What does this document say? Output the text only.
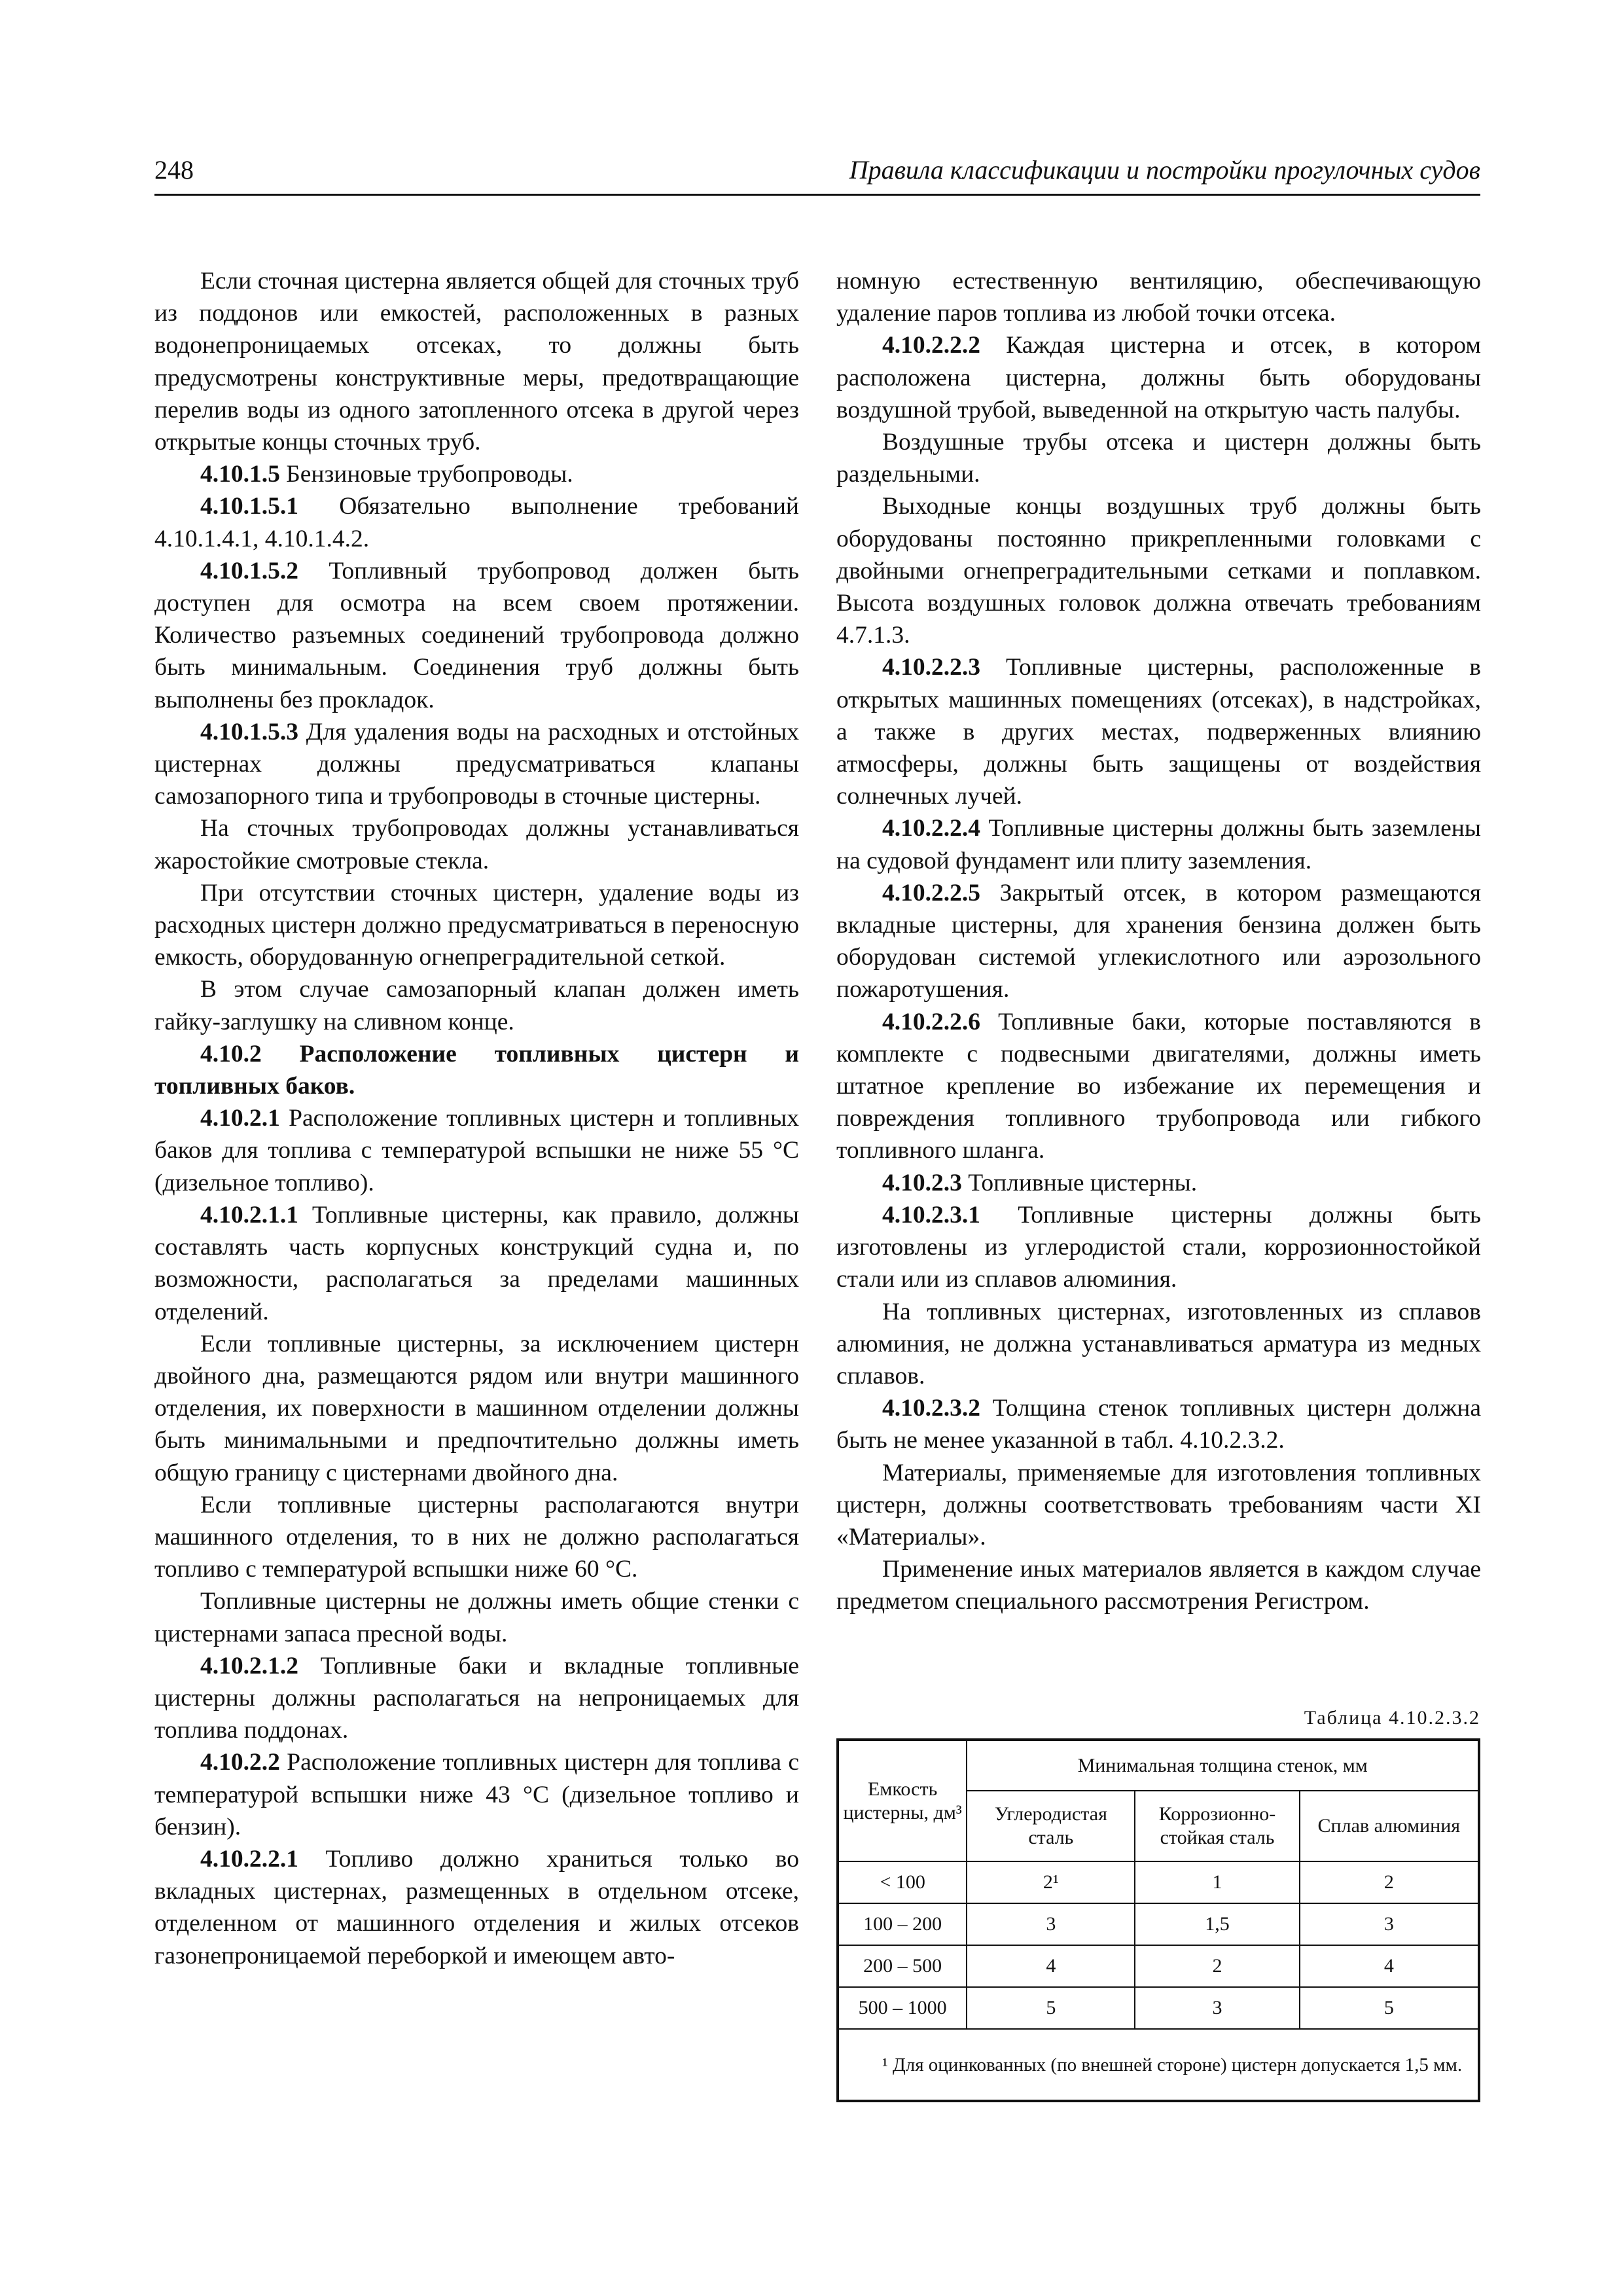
248	Правила классификации и постройки прогулочных судов

Если сточная цистерна является общей для сточных труб из поддонов или емкостей, расположенных в разных водонепроницаемых отсеках, то должны быть предусмотрены конструктивные меры, предотвращающие перелив воды из одного затопленного отсека в другой через открытые концы сточных труб.

4.10.1.5 Бензиновые трубопроводы.

4.10.1.5.1 Обязательно выполнение требований 4.10.1.4.1, 4.10.1.4.2.

4.10.1.5.2 Топливный трубопровод должен быть доступен для осмотра на всем своем протяжении. Количество разъемных соединений трубопровода должно быть минимальным. Соединения труб должны быть выполнены без прокладок.

4.10.1.5.3 Для удаления воды на расходных и отстойных цистернах должны предусматриваться клапаны самозапорного типа и трубопроводы в сточные цистерны.

На сточных трубопроводах должны устанавливаться жаростойкие смотровые стекла.

При отсутствии сточных цистерн, удаление воды из расходных цистерн должно предусматриваться в переносную емкость, оборудованную огнепреградительной сеткой.

В этом случае самозапорный клапан должен иметь гайку-заглушку на сливном конце.

4.10.2 Расположение топливных цистерн и топливных баков.

4.10.2.1 Расположение топливных цистерн и топливных баков для топлива с температурой вспышки не ниже 55 °С (дизельное топливо).

4.10.2.1.1 Топливные цистерны, как правило, должны составлять часть корпусных конструкций судна и, по возможности, располагаться за пределами машинных отделений.

Если топливные цистерны, за исключением цистерн двойного дна, размещаются рядом или внутри машинного отделения, их поверхности в машинном отделении должны быть минимальными и предпочтительно должны иметь общую границу с цистернами двойного дна.

Если топливные цистерны располагаются внутри машинного отделения, то в них не должно располагаться топливо с температурой вспышки ниже 60 °С.

Топливные цистерны не должны иметь общие стенки с цистернами запаса пресной воды.

4.10.2.1.2 Топливные баки и вкладные топливные цистерны должны располагаться на непроницаемых для топлива поддонах.

4.10.2.2 Расположение топливных цистерн для топлива с температурой вспышки ниже 43 °С (дизельное топливо и бензин).

4.10.2.2.1 Топливо должно храниться только во вкладных цистернах, размещенных в отдельном отсеке, отделенном от машинного отделения и жилых отсеков газонепроницаемой переборкой и имеющем авто-

номную естественную вентиляцию, обеспечивающую удаление паров топлива из любой точки отсека.

4.10.2.2.2 Каждая цистерна и отсек, в котором расположена цистерна, должны быть оборудованы воздушной трубой, выведенной на открытую часть палубы.

Воздушные трубы отсека и цистерн должны быть раздельными.

Выходные концы воздушных труб должны быть оборудованы постоянно прикрепленными головками с двойными огнепреградительными сетками и поплавком. Высота воздушных головок должна отвечать требованиям 4.7.1.3.

4.10.2.2.3 Топливные цистерны, расположенные в открытых машинных помещениях (отсеках), в надстройках, а также в других местах, подверженных влиянию атмосферы, должны быть защищены от воздействия солнечных лучей.

4.10.2.2.4 Топливные цистерны должны быть заземлены на судовой фундамент или плиту заземления.

4.10.2.2.5 Закрытый отсек, в котором размещаются вкладные цистерны, для хранения бензина должен быть оборудован системой углекислотного или аэрозольного пожаротушения.

4.10.2.2.6 Топливные баки, которые поставляются в комплекте с подвесными двигателями, должны иметь штатное крепление во избежание их перемещения и повреждения топливного трубопровода или гибкого топливного шланга.

4.10.2.3 Топливные цистерны.

4.10.2.3.1 Топливные цистерны должны быть изготовлены из углеродистой стали, коррозионностойкой стали или из сплавов алюминия.

На топливных цистернах, изготовленных из сплавов алюминия, не должна устанавливаться арматура из медных сплавов.

4.10.2.3.2 Толщина стенок топливных цистерн должна быть не менее указанной в табл. 4.10.2.3.2.

Материалы, применяемые для изготовления топливных цистерн, должны соответствовать требованиям части XI «Материалы».

Применение иных материалов является в каждом случае предметом специального рассмотрения Регистром.

Таблица 4.10.2.3.2
Емкость цистерны, дм³	Минимальная толщина стенок, мм		
	Углеродистая сталь	Коррозионно-стойкая сталь	Сплав алюминия
< 100	2¹	1	2
100 – 200	3	1,5	3
200 – 500	4	2	4
500 – 1000	5	3	5
¹ Для оцинкованных (по внешней стороне) цистерн допускается 1,5 мм.			
